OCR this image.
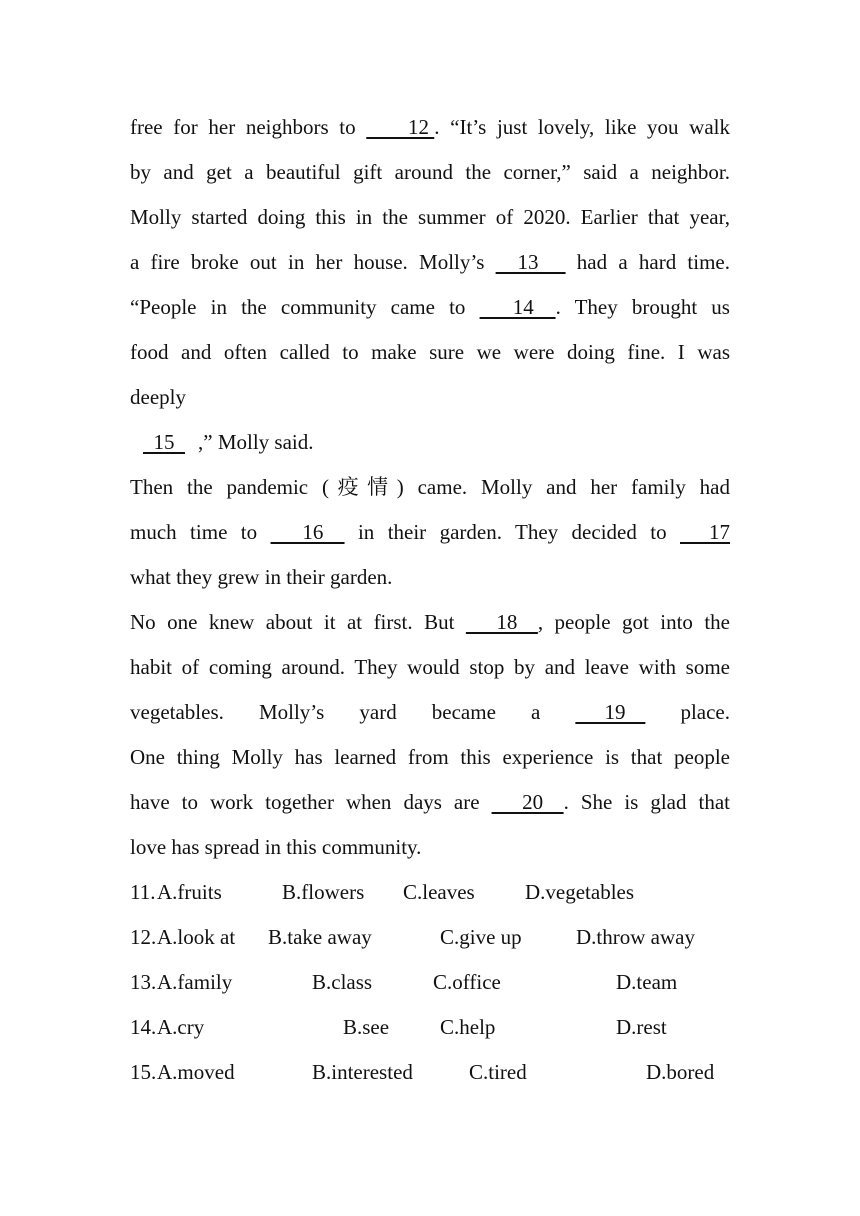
free for her neighbors to   12 . “It’s just lovely, like you walk
by and get a beautiful gift around the corner,” said a neighbor.
Molly started doing this in the summer of 2020. Earlier that year,
a fire broke out in her house. Molly’s  13   had a hard time.
“People in the community came to   14  . They brought us
food and often called to make sure we were doing fine. I was
deeply
15  ,” Molly said.
Then the pandemic (疫情) came. Molly and her family had
much time to   16   in their garden. They decided to   17
what they grew in their garden.
No one knew about it at first. But   18  , people got into the
habit of coming around. They would stop by and leave with some
vegetables. Molly’s yard became a   19   place.
One thing Molly has learned from this experience is that people
have to work together when days are   20  . She is glad that
love has spread in this community.
11. A.fruits	B.flowers C.leaves D.vegetables
12. A.look at B.take away	C.give up	D.throw away
13. A.family	B.class	C.office	D.team
14. A.cry	B.see C.help	D.rest
15. A.moved	B.interested	C.tired	D.bored
